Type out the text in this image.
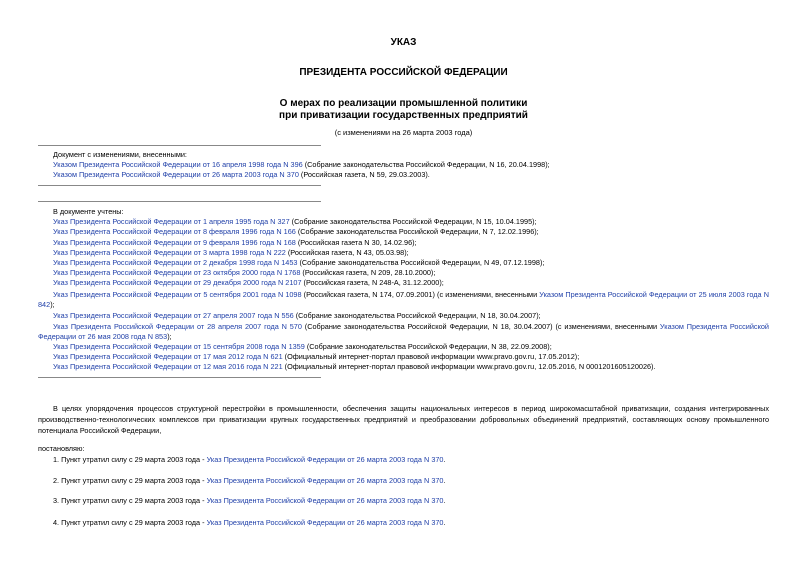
УКАЗ
ПРЕЗИДЕНТА РОССИЙСКОЙ ФЕДЕРАЦИИ
О мерах по реализации промышленной политики
при приватизации государственных предприятий
(с изменениями на 26 марта 2003 года)
Документ с изменениями, внесенными:
Указом Президента Российской Федерации от 16 апреля 1998 года N 396 (Собрание законодательства Российской Федерации, N 16, 20.04.1998);
Указом Президента Российской Федерации от 26 марта 2003 года N 370 (Российская газета, N 59, 29.03.2003).
В документе учтены:
Указ Президента Российской Федерации от 1 апреля 1995 года N 327 (Собрание законодательства Российской Федерации, N 15, 10.04.1995);
Указ Президента Российской Федерации от 8 февраля 1996 года N 166 (Собрание законодательства Российской Федерации, N 7, 12.02.1996);
Указ Президента Российской Федерации от 9 февраля 1996 года N 168 (Российская газета N 30, 14.02.96);
Указ Президента Российской Федерации от 3 марта 1998 года N 222 (Российская газета, N 43, 05.03.98);
Указ Президента Российской Федерации от 2 декабря 1998 года N 1453 (Собрание законодательства Российской Федерации, N 49, 07.12.1998);
Указ Президента Российской Федерации от 23 октября 2000 года N 1768 (Российская газета, N 209, 28.10.2000);
Указ Президента Российской Федерации от 29 декабря 2000 года N 2107 (Российская газета, N 248-А, 31.12.2000);
Указ Президента Российской Федерации от 5 сентября 2001 года N 1098 (Российская газета, N 174, 07.09.2001) (с изменениями, внесенными Указом Президента Российской Федерации от 25 июля 2003 года N 842);
Указ Президента Российской Федерации от 27 апреля 2007 года N 556 (Собрание законодательства Российской Федерации, N 18, 30.04.2007);
Указ Президента Российской Федерации от 28 апреля 2007 года N 570 (Собрание законодательства Российской Федерации, N 18, 30.04.2007) (с изменениями, внесенными Указом Президента Российской Федерации от 26 мая 2008 года N 853);
Указ Президента Российской Федерации от 15 сентября 2008 года N 1359 (Собрание законодательства Российской Федерации, N 38, 22.09.2008);
Указ Президента Российской Федерации от 17 мая 2012 года N 621 (Официальный интернет-портал правовой информации www.pravo.gov.ru, 17.05.2012);
Указ Президента Российской Федерации от 12 мая 2016 года N 221 (Официальный интернет-портал правовой информации www.pravo.gov.ru, 12.05.2016, N 0001201605120026).
В целях упорядочения процессов структурной перестройки в промышленности, обеспечения защиты национальных интересов в период широкомасштабной приватизации, создания интегрированных производственно-технологических комплексов при приватизации крупных государственных предприятий и преобразовании добровольных объединений предприятий, составляющих основу промышленного потенциала Российской Федерации,
постановляю:
1. Пункт утратил силу с 29 марта 2003 года - Указ Президента Российской Федерации от 26 марта 2003 года N 370.
2. Пункт утратил силу с 29 марта 2003 года - Указ Президента Российской Федерации от 26 марта 2003 года N 370.
3. Пункт утратил силу с 29 марта 2003 года - Указ Президента Российской Федерации от 26 марта 2003 года N 370.
4. Пункт утратил силу с 29 марта 2003 года - Указ Президента Российской Федерации от 26 марта 2003 года N 370.
